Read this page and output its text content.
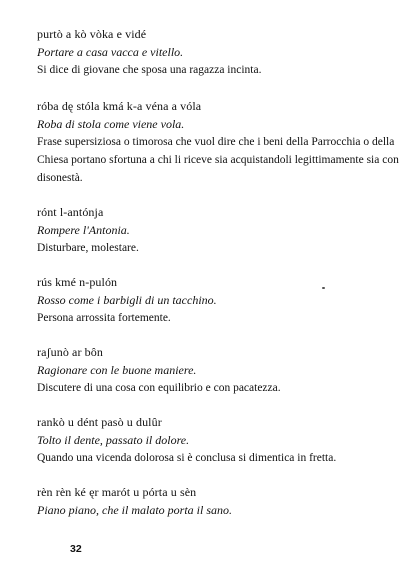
purtò a kò vòka e vidé
Portare a casa vacca e vitello.
Si dice di giovane che sposa una ragazza incinta.
róba dę stóla kmá k-a véna a vóla
Roba di stola come viene vola.
Frase supersiziosa o timorosa che vuol dire che i beni della Parrocchia o della Chiesa portano sfortuna a chi li riceve sia acquistandoli legittimamente sia con disonestà.
rónt l-antónja
Rompere l'Antonia.
Disturbare, molestare.
rús kmé n-pulón
Rosso come i barbigli di un tacchino.
Persona arrossita fortemente.
raʃunò ar bôn
Ragionare con le buone maniere.
Discutere di una cosa con equilibrio e con pacatezza.
rankò u dént pasò u dulûr
Tolto il dente, passato il dolore.
Quando una vicenda dolorosa si è conclusa si dimentica in fretta.
rèn rèn ké ęr marót u pórta u sèn
Piano piano, che il malato porta il sano.
32
